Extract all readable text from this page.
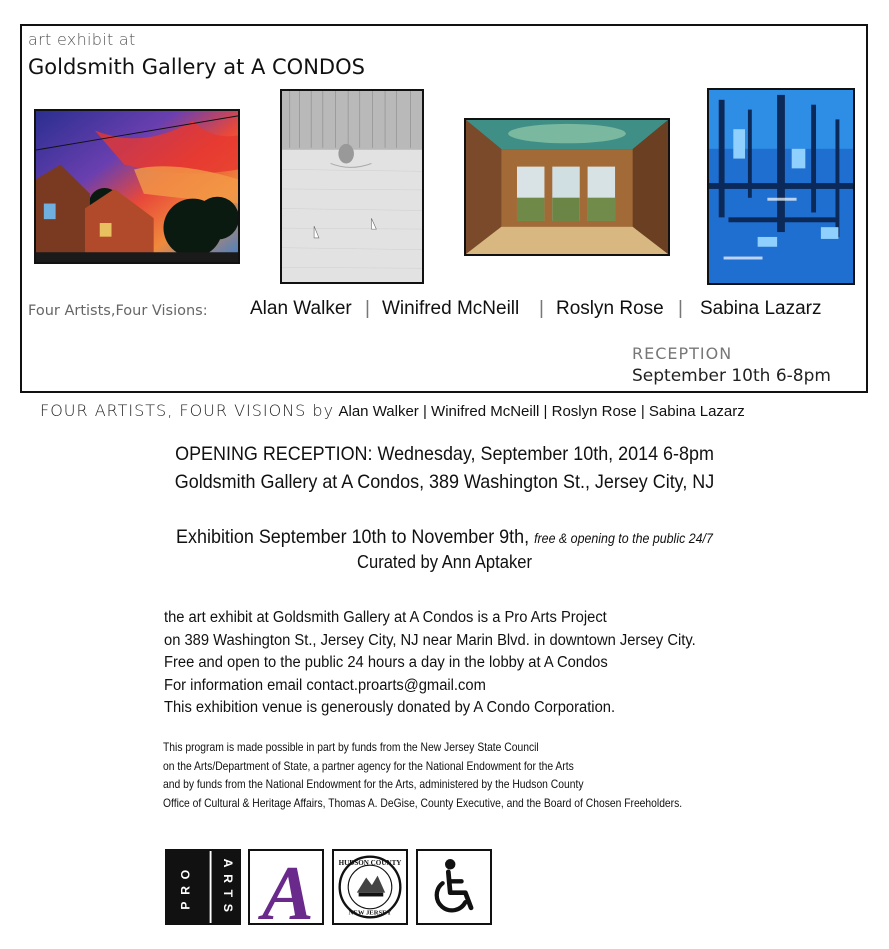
art exhibit at
Goldsmith Gallery at A CONDOS
Four Artists,Four Visions: Alan Walker | Winifred McNeill | Roslyn Rose | Sabina Lazarz
RECEPTION
September 10th 6-8pm
FOUR ARTISTS, FOUR VISIONS by Alan Walker | Winifred McNeill | Roslyn Rose | Sabina Lazarz
OPENING RECEPTION: Wednesday, September 10th, 2014 6-8pm
Goldsmith Gallery at A Condos, 389 Washington St., Jersey City, NJ
Exhibition September 10th to November 9th, free & opening to the public 24/7
Curated by Ann Aptaker
the art exhibit at Goldsmith Gallery at A Condos is a Pro Arts Project
on 389 Washington St., Jersey City, NJ near Marin Blvd. in downtown Jersey City.
Free and open to the public 24 hours a day in the lobby at A Condos
For information email contact.proarts@gmail.com
This exhibition venue is generously donated by A Condo Corporation.
This program is made possible in part by funds from the New Jersey State Council
on the Arts/Department of State, a partner agency for the National Endowment for the Arts
and by funds from the National Endowment for the Arts, administered by the Hudson County
Office of Cultural & Heritage Affairs, Thomas A. DeGise, County Executive, and the Board of Chosen Freeholders.
PRO ARTS A	HUDSON COUNTY
NEW JERSEY
